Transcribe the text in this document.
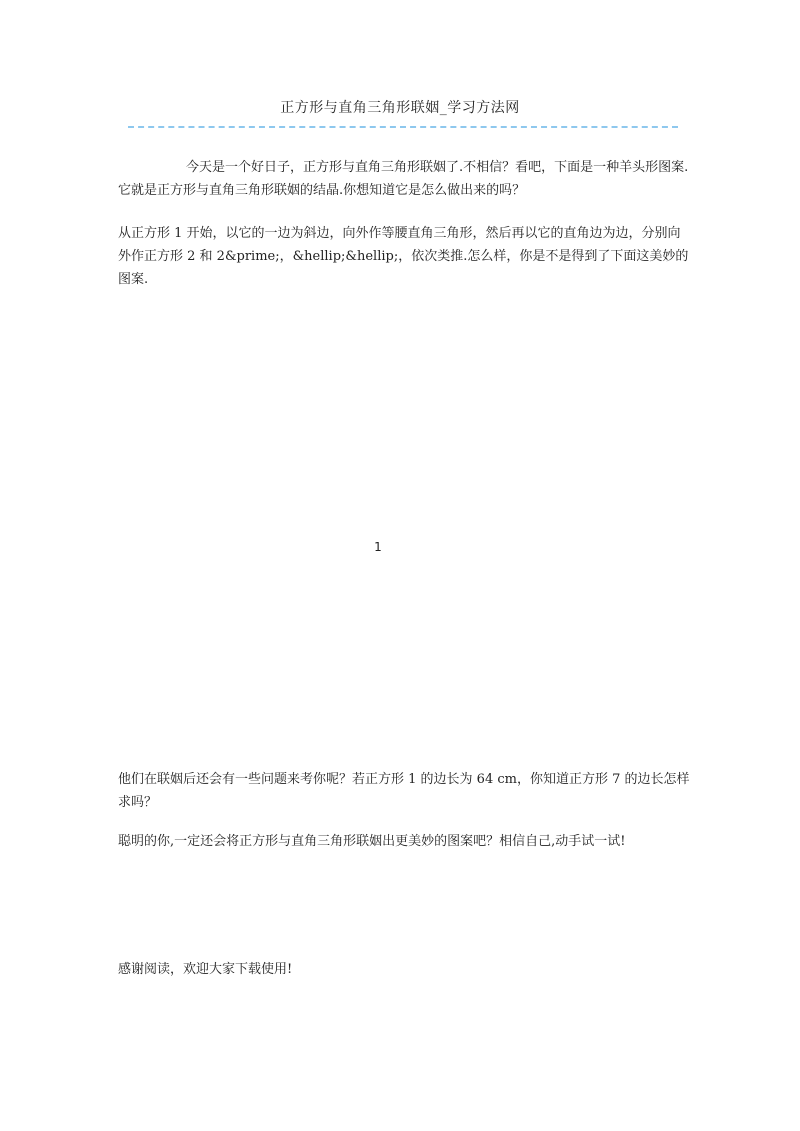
正方形与直角三角形联姻_学习方法网

今天是一个好日子，正方形与直角三角形联姻了.不相信？看吧，下面是一种羊头形图案.它就是正方形与直角三角形联姻的结晶.你想知道它是怎么做出来的吗？

从正方形 1 开始，以它的一边为斜边，向外作等腰直角三角形，然后再以它的直角边为边，分别向外作正方形 2 和 2&prime;，&hellip;&hellip;，依次类推.怎么样，你是不是得到了下面这美妙的图案.

1

他们在联姻后还会有一些问题来考你呢？若正方形 1 的边长为 64 cm，你知道正方形 7 的边长怎样求吗？

聪明的你,一定还会将正方形与直角三角形联姻出更美妙的图案吧？相信自己,动手试一试!

感谢阅读，欢迎大家下载使用!
